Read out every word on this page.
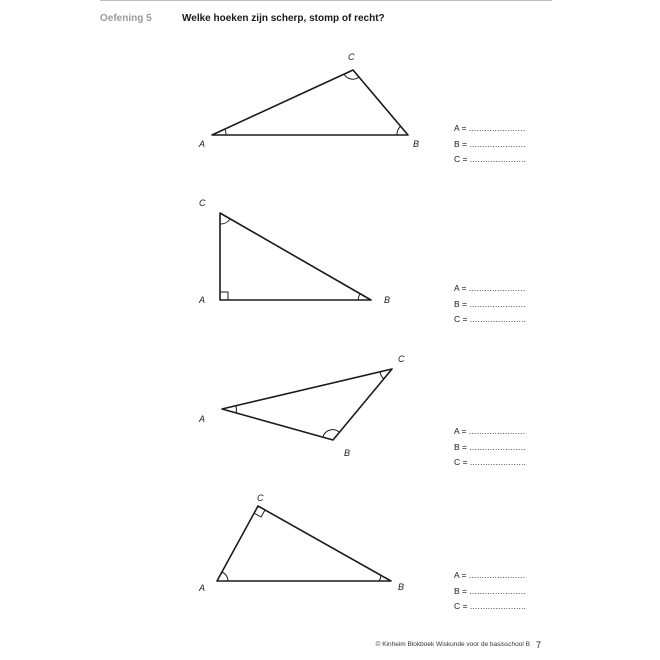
Oefening 5	Welke hoeken zijn scherp, stomp of recht?
A	B
C
A	B
C
A
B
C
A	B
C
A = ......................
B = ......................
C = ......................
A = ......................
B = ......................
C = ......................
A = ......................
B = ......................
C = ......................
A = ......................
B = ......................
C = ......................
© Kinheim Blokboek Wiskunde voor de basisschool B 7
